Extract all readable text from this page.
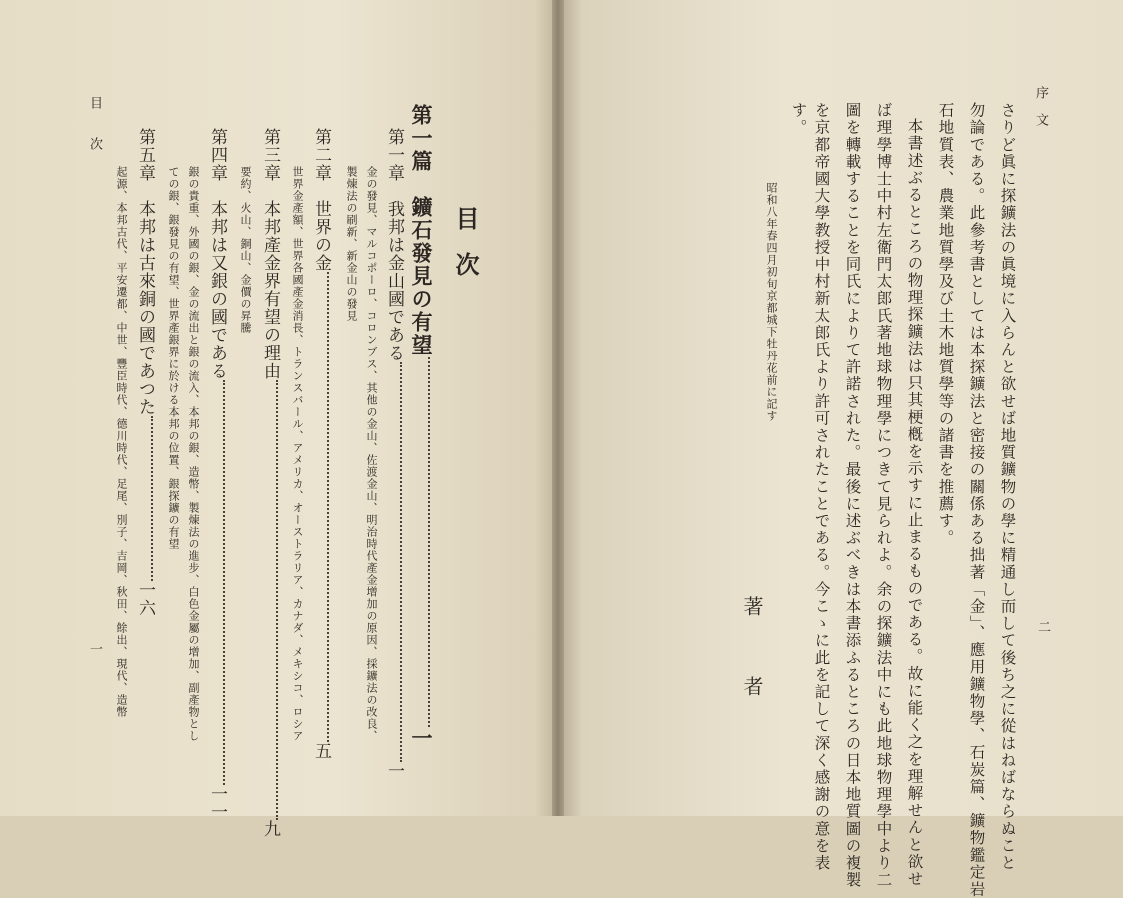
目次
第一篇　鑛石發見の有望一
第一章　我邦は金山國である一
金の發見、マルコポーロ、コロンブス、其他の金山、佐渡金山、明治時代產金增加の原因、採鑛法の改良、
製煉法の刷新、新金山の發見
第二章　世界の金五
世界金產額、世界各國產金消長、トランスバール、アメリカ、オーストラリア、カナダ、メキシコ、ロシア
第三章　本邦產金界有望の理由九
要約、火山、銅山、金價の昇騰
第四章　本邦は又銀の國である一一
銀の貴重、外國の銀、金の流出と銀の流入、本邦の銀、造幣、製煉法の進步、白色金屬の增加、副產物とし
ての銀、銀發見の有望、世界產銀界に於ける本邦の位置、銀探鑛の有望
第五章　本邦は古來銅の國であつた一六
起源、本邦古代、平安遷都、中世、豐臣時代、德川時代、足尾、別子、吉岡、秋田、餘出、現代、造幣
目次
一
序文
二
さりど眞に探鑛法の眞境に入らんと欲せば地質鑛物の學に精通し而して後ち之に從はねばならぬこと
勿論である。此參考書としては本探鑛法と密接の關係ある拙著「金」、應用鑛物學、石炭篇、鑛物鑑定岩
石地質表、農業地質學及び土木地質學等の諸書を推薦す。
本書述ぶるところの物理探鑛法は只其梗槪を示すに止まるものである。故に能く之を理解せんと欲せ
ば理學博士中村左衛門太郎氏著地球物理學につきて見られよ。余の探鑛法中にも此地球物理學中より二
圖を轉載することを同氏によりて許諾された。最後に述ぶべきは本書添ふるところの日本地質圖の複製
を京都帝國大學教授中村新太郎氏より許可されたことである。今こゝに此を記して深く感謝の意を表
す。
昭和八年春四月初旬京都城下牡丹花前に記す
著者
